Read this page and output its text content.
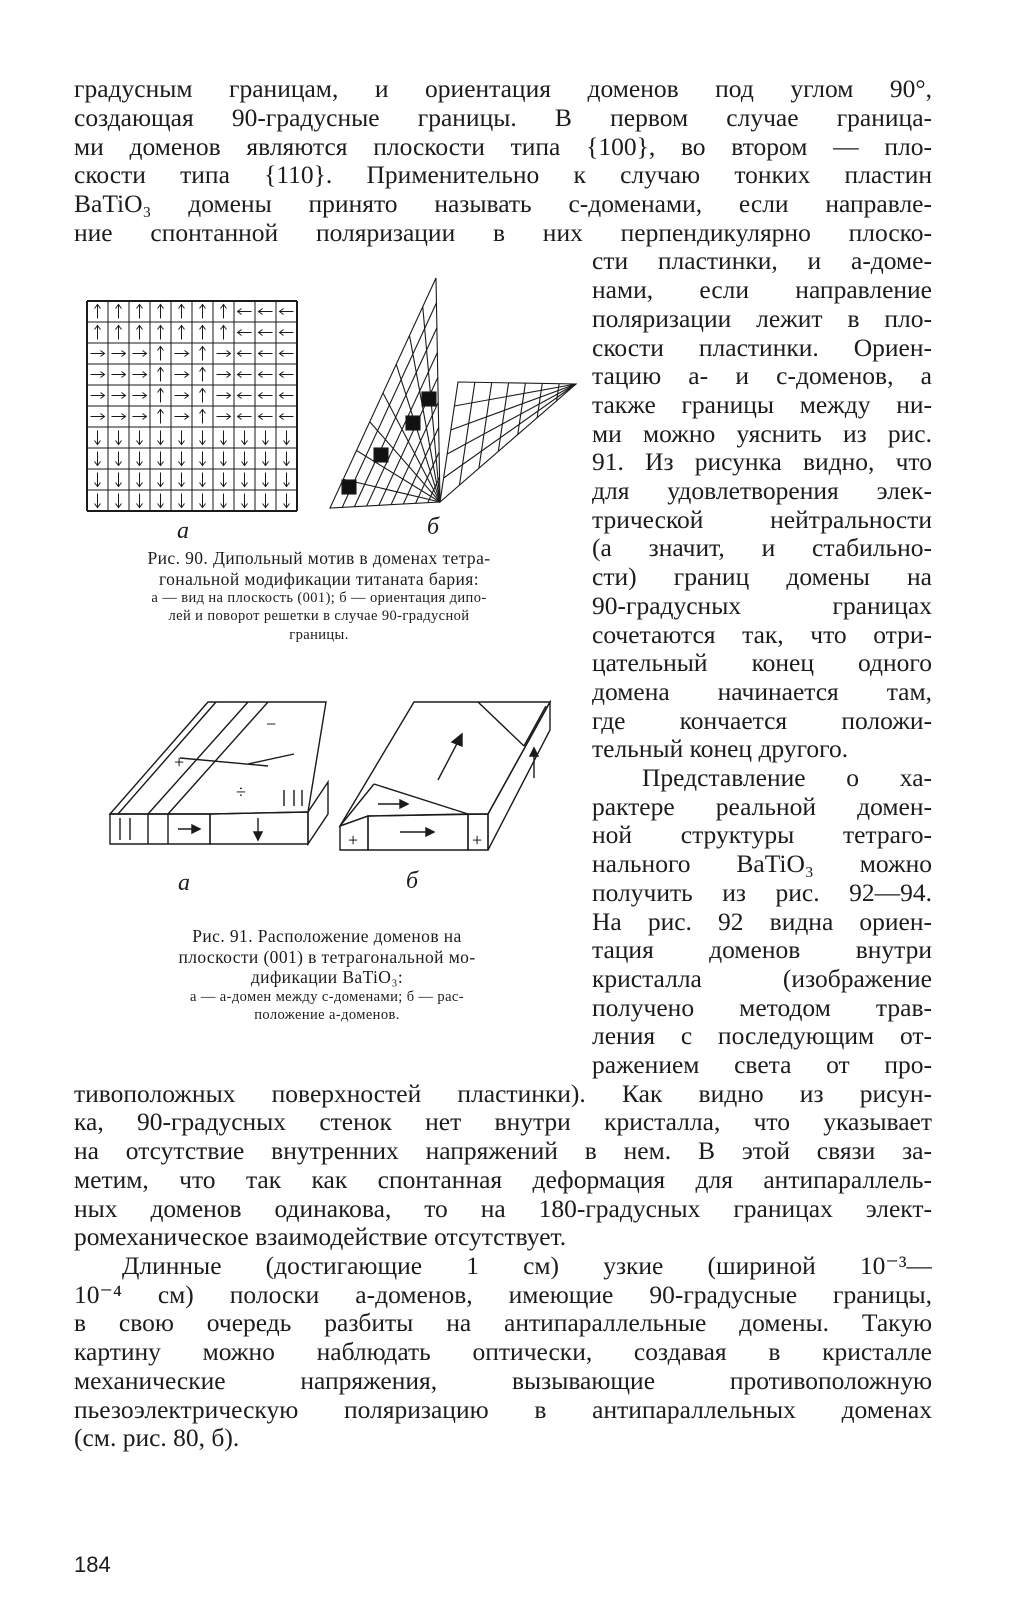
градусным границам, и ориентация доменов под углом 90°,
создающая 90-градусные границы. В первом случае граница-
ми доменов являются плоскости типа {100}, во втором — пло-
скости типа {110}. Применительно к случаю тонких пластин
BaTiO₃ домены принято называть c-доменами, если направле-
ние спонтанной поляризации в них перпендикулярно плоско-
сти пластинки, и a-доме-
нами, если направление
поляризации лежит в пло-
скости пластинки. Ориен-
тацию a- и c-доменов, а
также границы между ни-
ми можно уяснить из рис.
91. Из рисунка видно, что
для удовлетворения элек-
трической нейтральности
(а значит, и стабильно-
сти) границ домены на
90-градусных границах
сочетаются так, что отри-
цательный конец одного
домена начинается там,
где кончается положи-
тельный конец другого.
Представление о ха-
рактере реальной домен-
ной структуры тетраго-
нального BaTiO₃ можно
получить из рис. 92—94.
На рис. 92 видна ориен-
тация доменов внутри
кристалла (изображение
получено методом трав-
ления с последующим от-
ражением света от про-
тивоположных поверхностей пластинки). Как видно из рисун-
ка, 90-градусных стенок нет внутри кристалла, что указывает
на отсутствие внутренних напряжений в нем. В этой связи за-
метим, что так как спонтанная деформация для антипараллель-
ных доменов одинакова, то на 180-градусных границах элект-
ромеханическое взаимодействие отсутствует.
Длинные (достигающие 1 см) узкие (шириной 10⁻³—
10⁻⁴ см) полоски a-доменов, имеющие 90-градусные границы,
в свою очередь разбиты на антипараллельные домены. Такую
картину можно наблюдать оптически, создавая в кристалле
механические напряжения, вызывающие противоположную
пьезоэлектрическую поляризацию в антипараллельных доменах
(см. рис. 80, б).
а	б
Рис. 90. Дипольный мотив в доменах тетра-
гональной модификации титаната бария:
а — вид на плоскость (001); б — ориентация дипо-
лей и поворот решетки в случае 90-градусной
границы.
+
−
÷
+	+
а	б
Рис. 91. Расположение доменов на
плоскости (001) в тетрагональной мо-
дификации BaTiO₃:
а — а-домен между с-доменами; б — рас-
положение а-доменов.
184
